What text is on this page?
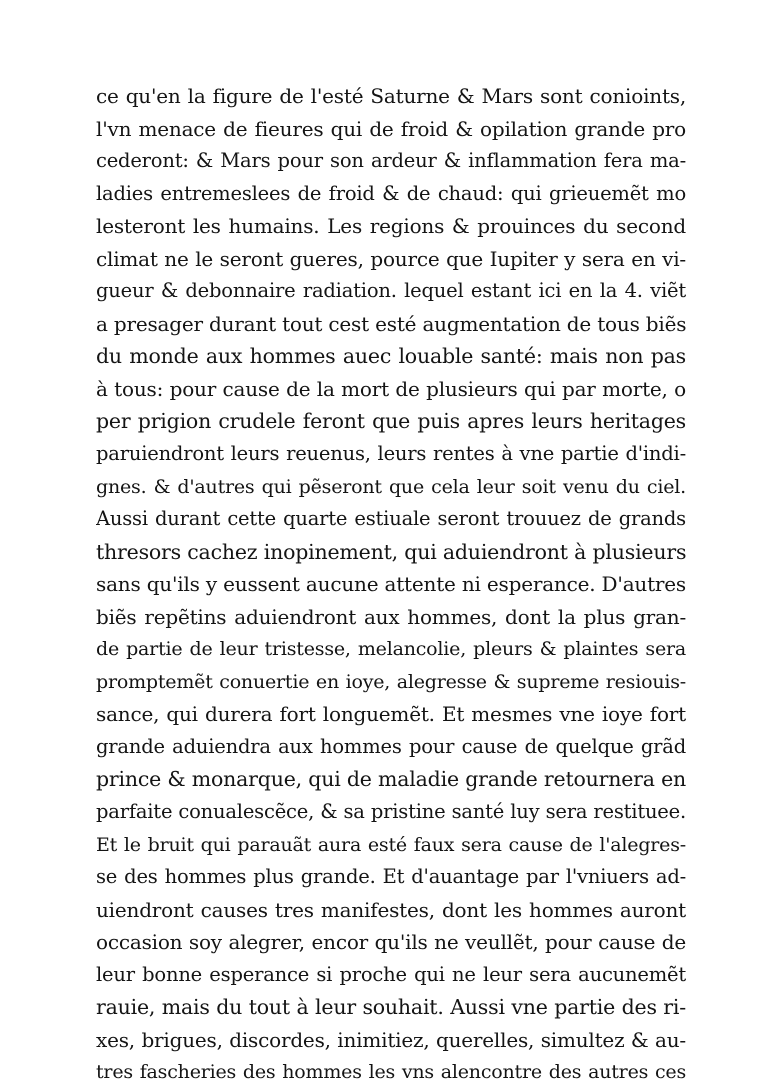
ce qu'en la figure de l'esté Saturne & Mars sont conioints,
l'vn menace de fieures qui de froid & opilation grande pro
cederont: & Mars pour son ardeur & inflammation fera ma-
ladies entremeslees de froid & de chaud: qui grieuemẽt mo
lesteront les humains. Les regions & prouinces du second
climat ne le seront gueres, pource que Iupiter y sera en vi-
gueur & debonnaire radiation. lequel estant ici en la 4. viẽt
a presager durant tout cest esté augmentation de tous biẽs
du monde aux hommes auec louable santé: mais non pas
à tous: pour cause de la mort de plusieurs qui par morte, o
per prigion crudele feront que puis apres leurs heritages
paruiendront leurs reuenus, leurs rentes à vne partie d'indi-
gnes. & d'autres qui pẽseront que cela leur soit venu du ciel.
Aussi durant cette quarte estiuale seront trouuez de grands
thresors cachez inopinement, qui aduiendront à plusieurs
sans qu'ils y eussent aucune attente ni esperance. D'autres
biẽs repẽtins aduiendront aux hommes, dont la plus gran-
de partie de leur tristesse, melancolie, pleurs & plaintes sera
promptemẽt conuertie en ioye, alegresse & supreme resiouis-
sance, qui durera fort longuemẽt. Et mesmes vne ioye fort
grande aduiendra aux hommes pour cause de quelque grãd
prince & monarque, qui de maladie grande retournera en
parfaite conualescẽce, & sa pristine santé luy sera restituee.
Et le bruit qui parauãt aura esté faux sera cause de l'alegres-
se des hommes plus grande. Et d'auantage par l'vniuers ad-
uiendront causes tres manifestes, dont les hommes auront
occasion soy alegrer, encor qu'ils ne veullẽt, pour cause de
leur bonne esperance si proche qui ne leur sera aucunemẽt
rauie, mais du tout à leur souhait. Aussi vne partie des ri-
xes, brigues, discordes, inimitiez, querelles, simultez & au-
tres fascheries des hommes les vns alencontre des autres ces
